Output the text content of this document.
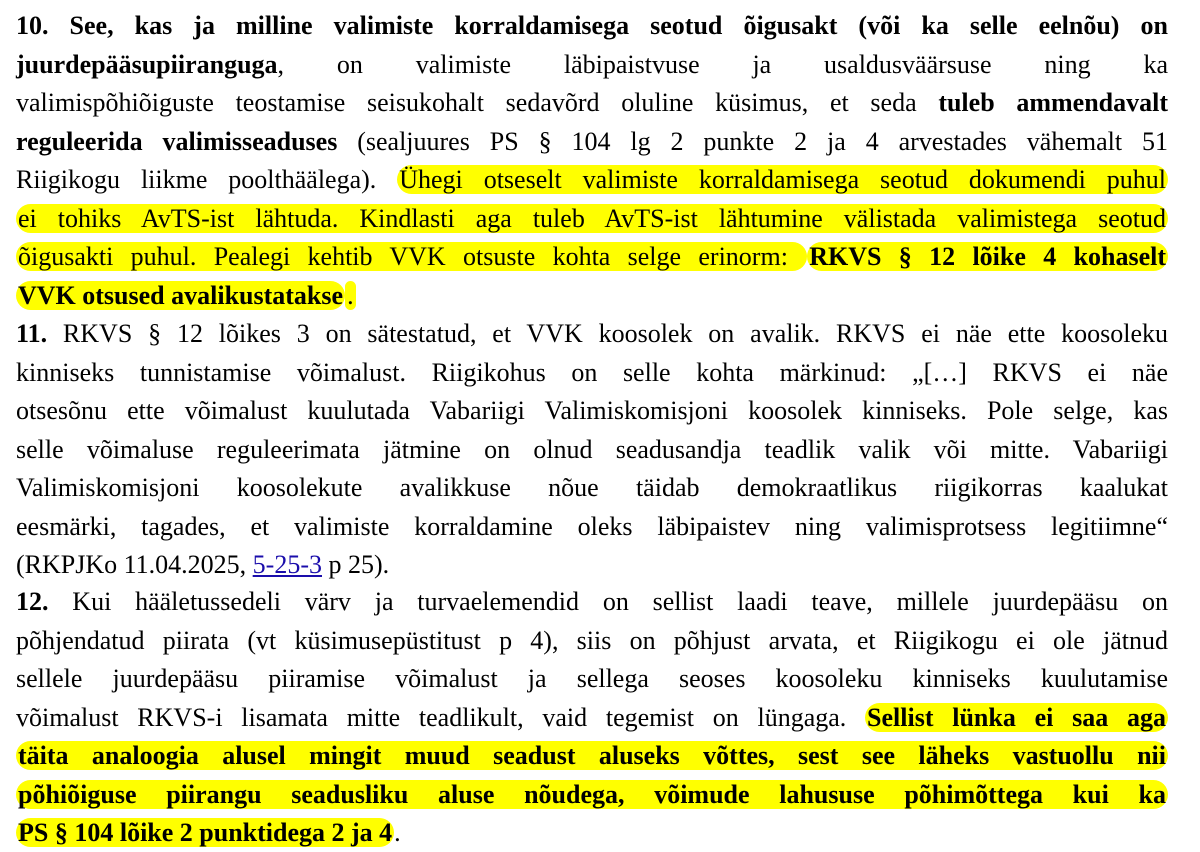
10. See, kas ja milline valimiste korraldamisega seotud õigusakt (või ka selle eelnõu) on
juurdepääsupiiranguga, on valimiste läbipaistvuse ja usaldusväärsuse ning ka
valimispõhiõiguste teostamise seisukohalt sedavõrd oluline küsimus, et seda tuleb ammendavalt
reguleerida valimisseaduses (sealjuures PS § 104 lg 2 punkte 2 ja 4 arvestades vähemalt 51
Riigikogu liikme poolthäälega). Ühegi otseselt valimiste korraldamisega seotud dokumendi puhul
ei tohiks AvTS-ist lähtuda. Kindlasti aga tuleb AvTS-ist lähtumine välistada valimistega seotud
õigusakti puhul. Pealegi kehtib VVK otsuste kohta selge erinorm: RKVS § 12 lõike 4 kohaselt
VVK otsused avalikustatakse .
11. RKVS § 12 lõikes 3 on sätestatud, et VVK koosolek on avalik. RKVS ei näe ette koosoleku
kinniseks tunnistamise võimalust. Riigikohus on selle kohta märkinud: „[…] RKVS ei näe
otsesõnu ette võimalust kuulutada Vabariigi Valimiskomisjoni koosolek kinniseks. Pole selge, kas
selle võimaluse reguleerimata jätmine on olnud seadusandja teadlik valik või mitte. Vabariigi
Valimiskomisjoni koosolekute avalikkuse nõue täidab demokraatlikus riigikorras kaalukat
eesmärki, tagades, et valimiste korraldamine oleks läbipaistev ning valimisprotsess legitiimne“
(RKPJKo 11.04.2025, 5-25-3 p 25).
12. Kui hääletussedeli värv ja turvaelemendid on sellist laadi teave, millele juurdepääsu on
põhjendatud piirata (vt küsimusepüstitust p 4), siis on põhjust arvata, et Riigikogu ei ole jätnud
sellele juurdepääsu piiramise võimalust ja sellega seoses koosoleku kinniseks kuulutamise
võimalust RKVS-i lisamata mitte teadlikult, vaid tegemist on lüngaga. Sellist lünka ei saa aga
täita analoogia alusel mingit muud seadust aluseks võttes, sest see läheks vastuollu nii
põhiõiguse piirangu seadusliku aluse nõudega, võimude lahususe põhimõttega kui ka
PS § 104 lõike 2 punktidega 2 ja 4.
